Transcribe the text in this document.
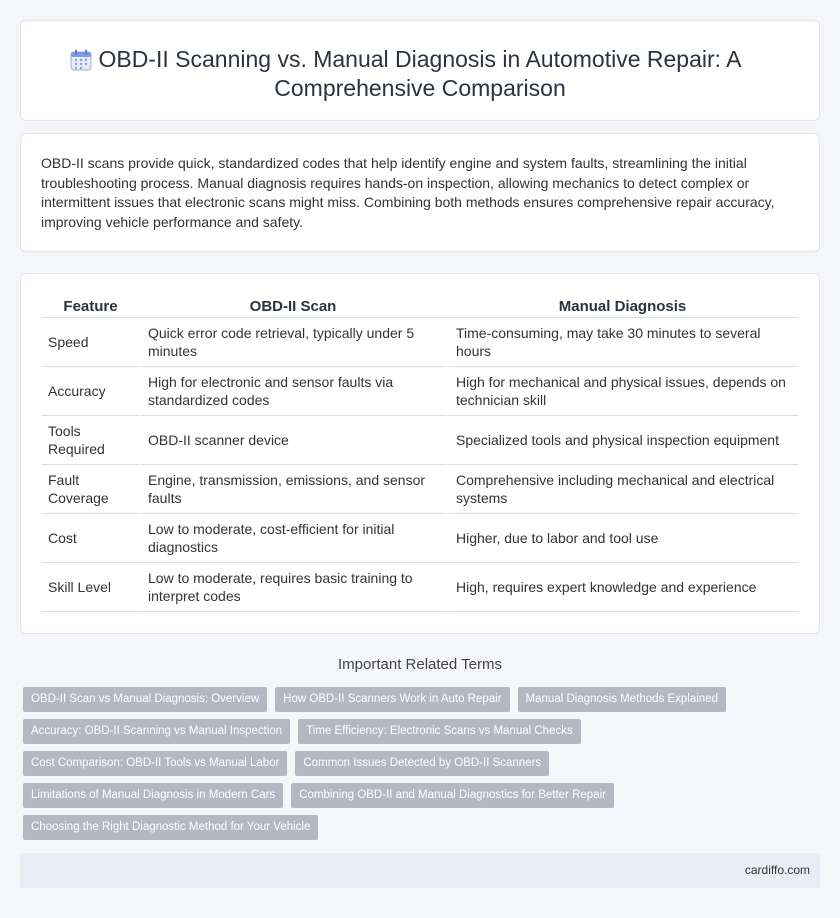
OBD-II Scanning vs. Manual Diagnosis in Automotive Repair: A Comprehensive Comparison

OBD-II scans provide quick, standardized codes that help identify engine and system faults, streamlining the initial troubleshooting process. Manual diagnosis requires hands-on inspection, allowing mechanics to detect complex or intermittent issues that electronic scans might miss. Combining both methods ensures comprehensive repair accuracy, improving vehicle performance and safety.

Feature	OBD-II Scan	Manual Diagnosis
Speed	Quick error code retrieval, typically under 5 minutes	Time-consuming, may take 30 minutes to several hours
Accuracy	High for electronic and sensor faults via standardized codes	High for mechanical and physical issues, depends on technician skill
Tools Required	OBD-II scanner device	Specialized tools and physical inspection equipment
Fault Coverage	Engine, transmission, emissions, and sensor faults	Comprehensive including mechanical and electrical systems
Cost	Low to moderate, cost-efficient for initial diagnostics	Higher, due to labor and tool use
Skill Level	Low to moderate, requires basic training to interpret codes	High, requires expert knowledge and experience
Important Related Terms
OBD-II Scan vs Manual Diagnosis: Overview	How OBD-II Scanners Work in Auto Repair	Manual Diagnosis Methods Explained
Accuracy: OBD-II Scanning vs Manual Inspection	Time Efficiency: Electronic Scans vs Manual Checks
Cost Comparison: OBD-II Tools vs Manual Labor	Common Issues Detected by OBD-II Scanners
Limitations of Manual Diagnosis in Modern Cars	Combining OBD-II and Manual Diagnostics for Better Repair
Choosing the Right Diagnostic Method for Your Vehicle
cardiffo.com
